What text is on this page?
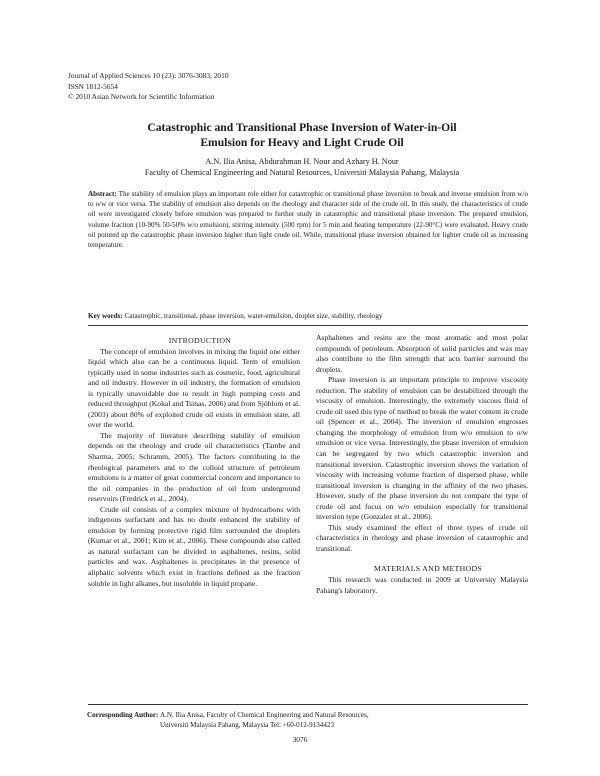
Journal of Applied Sciences 10 (23): 3076-3083, 2010
ISSN 1812-5654
© 2010 Asian Network for Scientific Information
Catastrophic and Transitional Phase Inversion of Water-in-Oil
Emulsion for Heavy and Light Crude Oil
A.N. Ilia Anisa, Abdurahman H. Nour and Azhary H. Nour
Faculty of Chemical Engineering and Natural Resources, Universiti Malaysia Pahang, Malaysia
Abstract: The stability of emulsion plays an important role either for catastrophic or transitional phase inversion to break and inverse emulsion from w/o to o/w or vice versa. The stability of emulsion also depends on the rheology and character side of the crude oil. In this study, the characteristics of crude oil were investigated closely before emulsion was prepared to further study in catastrophic and transitional phase inversion. The prepared emulsion, volume fraction (10-90% 50-50% w/o emulsion), stirring intensity (500 rpm) for 5 min and heating temperature (22-90°C) were evaluated. Heavy crude oil pointed up the catastrophic phase inversion higher than light crude oil. While, transitional phase inversion obtained for lighter crude oil as increasing temperature.
Key words: Catastrophic, transitional, phase inversion, water-emulsion, droplet size, stability, rheology

INTRODUCTION

The concept of emulsion involves in mixing the liquid one either liquid which also can be a continuous liquid. Term of emulsion typically used in some industries such as cosmetic, food, agricultural and oil industry. However in oil industry, the formation of emulsion is typically unavoidable due to result in high pumping costs and reduced throughput (Kokal and Tsinas, 2006) and from Sjöblom et al. (2003) about 80% of exploited crude oil exists in emulsion state, all over the world.

The majority of literature describing stability of emulsion depends on the rheology and crude oil characteristics (Tambe and Sharma, 2005; Schramm, 2005). The factors contributing to the rheological parameters and to the colloid structure of petroleum emulsions is a matter of great commercial concern and importance to the oil companies in the production of oil from underground reservoirs (Fredrick et al., 2004).

Crude oil consists of a complex mixture of hydrocarbons with indigenous surfactant and has no doubt enhanced the stability of emulsion by forming protective rigid film surrounded the droplets (Kumar et al., 2001; Kim et al., 2006). These compounds also called as natural surfactant can be divided to asphaltenes, resins, solid particles and wax. Asphaltenes is precipitates in the presence of aliphatic solvents which exist in fractions defined as the fraction soluble in light alkanes, but insoluble in liquid propane.

Asphaltenes and resins are the most aromatic and most polar compounds of petroleum. Absorption of solid particles and wax may also contribute to the film strength that acts barrier surround the droplets.

Phase inversion is an important principle to improve viscosity reduction. The stability of emulsion can be destabilized through the viscosity of emulsion. Interestingly, the extremely viscous fluid of crude oil used this type of method to break the water content in crude oil (Spencer et al., 2004). The inversion of emulsion engrosses changing the morphology of emulsion from w/o emulsion to o/w emulsion or vice versa. Interestingly, the phase inversion of emulsion can be segregated by two which catastrophic inversion and transitional inversion. Catastrophic inversion shows the variation of viscosity with increasing volume fraction of dispersed phase, while transitional inversion is changing in the affinity of the two phases. However, study of the phase inversion do not compare the type of crude oil and focus on w/o emulsion especially for transitional inversion type (Gonzalez et al., 2006).

This study examined the effect of three types of crude oil characteristics in rheology and phase inversion of catastrophic and transitional.

MATERIALS AND METHODS

This research was conducted in 2009 at University Malaysia Pahang's laboratory.

Corresponding Author: A.N. Ilia Anisa, Faculty of Chemical Engineering and Natural Resources,
Universiti Malaysia Pahang, Malaysia Tel: +60-012-9134423
3076
